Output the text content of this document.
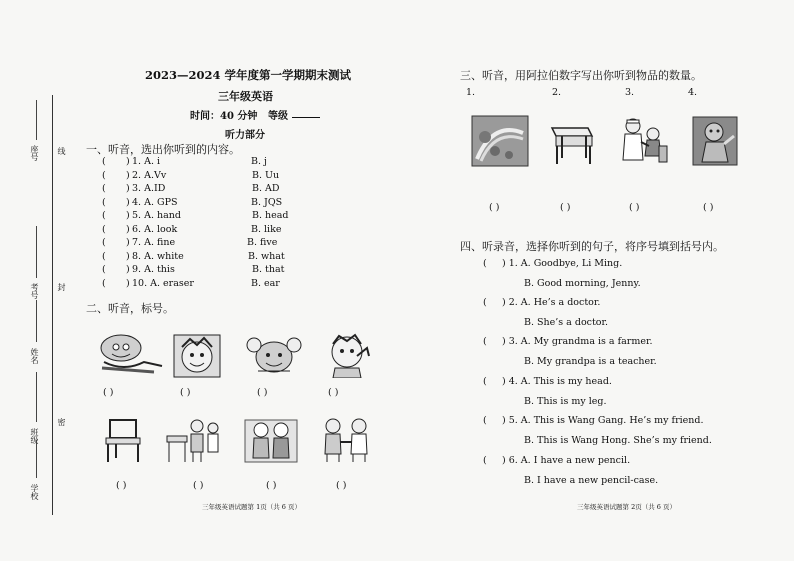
座号 线
考号 封
姓名
班级
密
学校
2023—2024 学年度第一学期期末测试
三年级英语
时间：40 分钟 等级
听力部分
一、听音，选出你听到的内容。
( ) 1. A. i	B. j
( ) 2. A.Vv	B. Uu
( ) 3. A.ID	B. AD
( ) 4. A. GPS	B. JQS
( ) 5. A. hand	B. head
( ) 6. A. look	B. like
( ) 7. A. fine	B. five
( ) 8. A. white	B. what
( ) 9. A. this	B. that
( ) 10. A. eraser	B. ear
二、听音，标号。
( )	( )	( )	( )
( )	( )	( )	( )
三年级英语试题第 1页（共 6 页）
三、听音，用阿拉伯数字写出你听到物品的数量。
1.	2.	3.	4.
( )	( )	( )	( )
四、听录音，选择你听到的句子，将序号填到括号内。
( ) 1. A. Goodbye, Li Ming.
B. Good morning, Jenny.
( ) 2. A. He’s a doctor.
B. She’s a doctor.
( ) 3. A. My grandma is a farmer.
B. My grandpa is a teacher.
( ) 4. A. This is my head.
B. This is my leg.
( ) 5. A. This is Wang Gang. He’s my friend.
B. This is Wang Hong. She’s my friend.
( ) 6. A. I have a new pencil.
B. I have a new pencil-case.
三年级英语试题第 2页（共 6 页）
